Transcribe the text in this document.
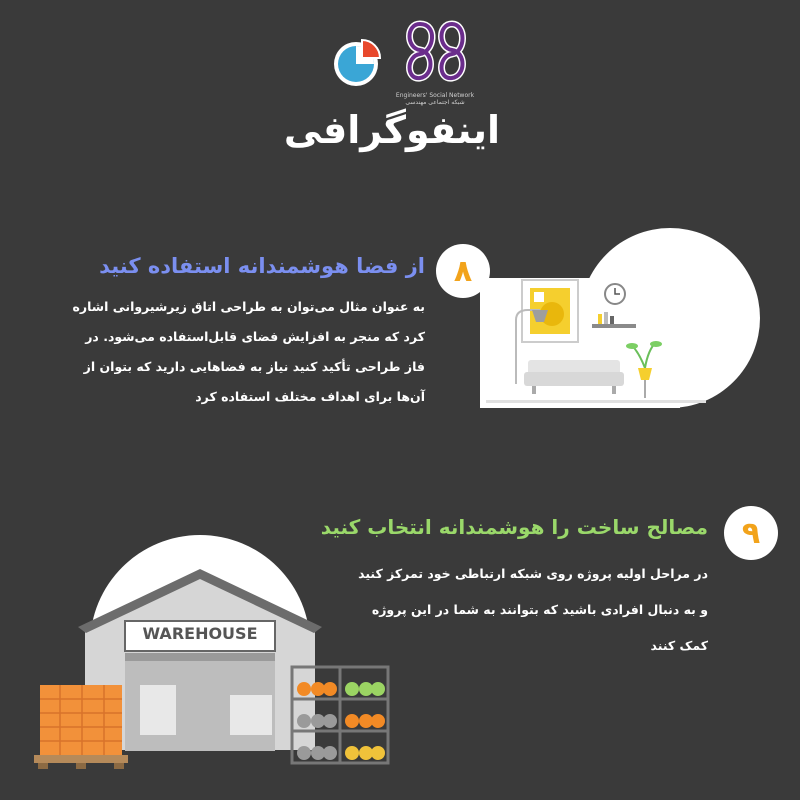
Engineers' Social Network
شبکه اجتماعی مهندسی
اینفوگرافی
۸
از فضا هوشمندانه استفاده کنید

به عنوان مثال می‌توان به طراحی اتاق زیرشیروانی اشاره

کرد که منجر به افزایش فضای قابل‌استفاده می‌شود. در

فاز طراحی تأکید کنید نیاز به فضاهایی دارید که بتوان از

آن‌ها برای اهداف مختلف استفاده کرد

WAREHOUSE
۹
مصالح ساخت را هوشمندانه انتخاب کنید

در مراحل اولیه پروژه روی شبکه ارتباطی خود تمرکز کنید

و به دنبال افرادی باشید که بتوانند به شما در این پروژه

کمک کنند
